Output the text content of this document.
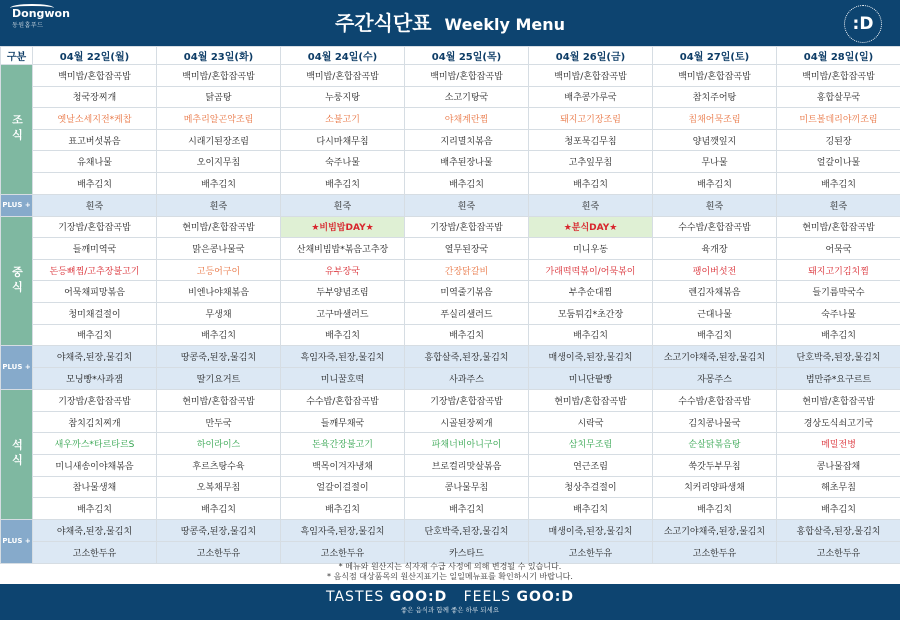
Dongwon
동원홈푸드	주간식단표 Weekly Menu	:D
구분	04월 22일(월)	04월 23일(화)	04월 24일(수)	04월 25일(목)	04월 26일(금)	04월 27일(토)	04월 28일(일)
조식	백미밥/혼합잡곡밥	백미밥/혼합잡곡밥	백미밥/혼합잡곡밥	백미밥/혼합잡곡밥	백미밥/혼합잡곡밥	백미밥/혼합잡곡밥	백미밥/혼합잡곡밥
	청국장찌개	닭곰탕	누룽지탕	소고기탕국	배추콩가루국	참치주어탕	홍합살무국
	옛날소세지전*케찹	메추리알곤약조림	소불고기	야채계란찜	돼지고기장조림	칩채어묵조림	미트볼데리야끼조림
	표고버섯볶음	시래기된장조림	다시마채무침	지리멸치볶음	청포묵김무침	양념깻잎지	깅된장
	유채나물	오이지무침	숙주나물	배추된장나물	고추잎무침	무나물	얼갈이나물
	배추김치	배추김치	배추김치	배추김치	배추김치	배추김치	배추김치
PLUS +	흰죽	흰죽	흰죽	흰죽	흰죽	흰죽	흰죽
중식	기장밥/혼합잡곡밥	현미밥/혼합잡곡밥	★비빔밥DAY★	기장밥/혼합잡곡밥	★분식DAY★	수수밥/혼합잡곡밥	현미밥/혼합잡곡밥
	들깨미역국	맑은콩나물국	산채비빔밥*볶음고추장	열무된장국	미니우동	육개장	어묵국
	돈등뼈찜/고추장불고기	고등어구이	유부장국	간장닭갈비	가래떡떡볶이/어묵볶이	팽이버섯전	돼지고기김치찜
	어묵채피망볶음	비엔나야채볶음	두부양념조림	미역줄기볶음	부추순대찜	렌김자채볶음	들기름막국수
	청미채걸절이	무생채	고구마샐러드	푸실리샐러드	모둠튀김*초간장	근대나물	숙주나물
	배추김치	배추김치	배추김치	배추김치	배추김치	배추김치	배추김치
PLUS +	야채죽,된장,물김치	땅콩죽,된장,물김치	흑임자죽,된장,물김치	흥합살죽,된장,물김치	매생이죽,된장,물김치	소고기야채죽,된장,물김치	단호박죽,된장,물김치
	모닝빵*사과잼	딸기요거트	미니꿀호떡	사과주스	미니단팥빵	자몽주스	범만쥬*요구르트
석식	기장밥/혼합잡곡밥	현미밥/혼합잡곡밥	수수밥/혼합잡곡밥	기장밥/혼합잡곡밥	현미밥/혼합잡곡밥	수수밥/혼합잡곡밥	현미밥/혼합잡곡밥
	참치김치찌개	만두국	들깨무채국	시골된장찌개	시락국	김치콩나물국	경상도식쇠고기국
	새우까스*타르타르S	하이라이스	돈육간장불고기	파채너비아니구이	삼치무조림	순살닭볶음탕	메밀전병
	미니새송이야채볶음	후르츠탕수육	백목이겨자냉채	브로컬리맛살볶음	연근조림	쑥갓두부무침	콩나물잡채
	참나물생채	오복채무침	얼갈이걸절이	콩나물무침	청상추걸절이	치커리양파생채	해초무침
	배추김치	배추김치	배추김치	배추김치	배추김치	배추김치	배추김치
PLUS +	야채죽,된장,물김치	땅콩죽,된장,물김치	흑임자죽,된장,물김치	단호박죽,된장,물김치	매생이죽,된장,물김치	소고기야채죽,된장,물김치	홍합살죽,된장,물김치
	고소한두유	고소한두유	고소한두유	카스타드	고소한두유	고소한두유	고소한두유
* 메뉴와 원산지는 식자재 수급 사정에 의해 변경될 수 있습니다.
* 음식점 대상품목의 원산지표기는 일일메뉴표를 확인하시기 바랍니다.
TASTES GOO:D FEELS GOO:D
좋은 음식과 함께 좋은 하루 되세요
